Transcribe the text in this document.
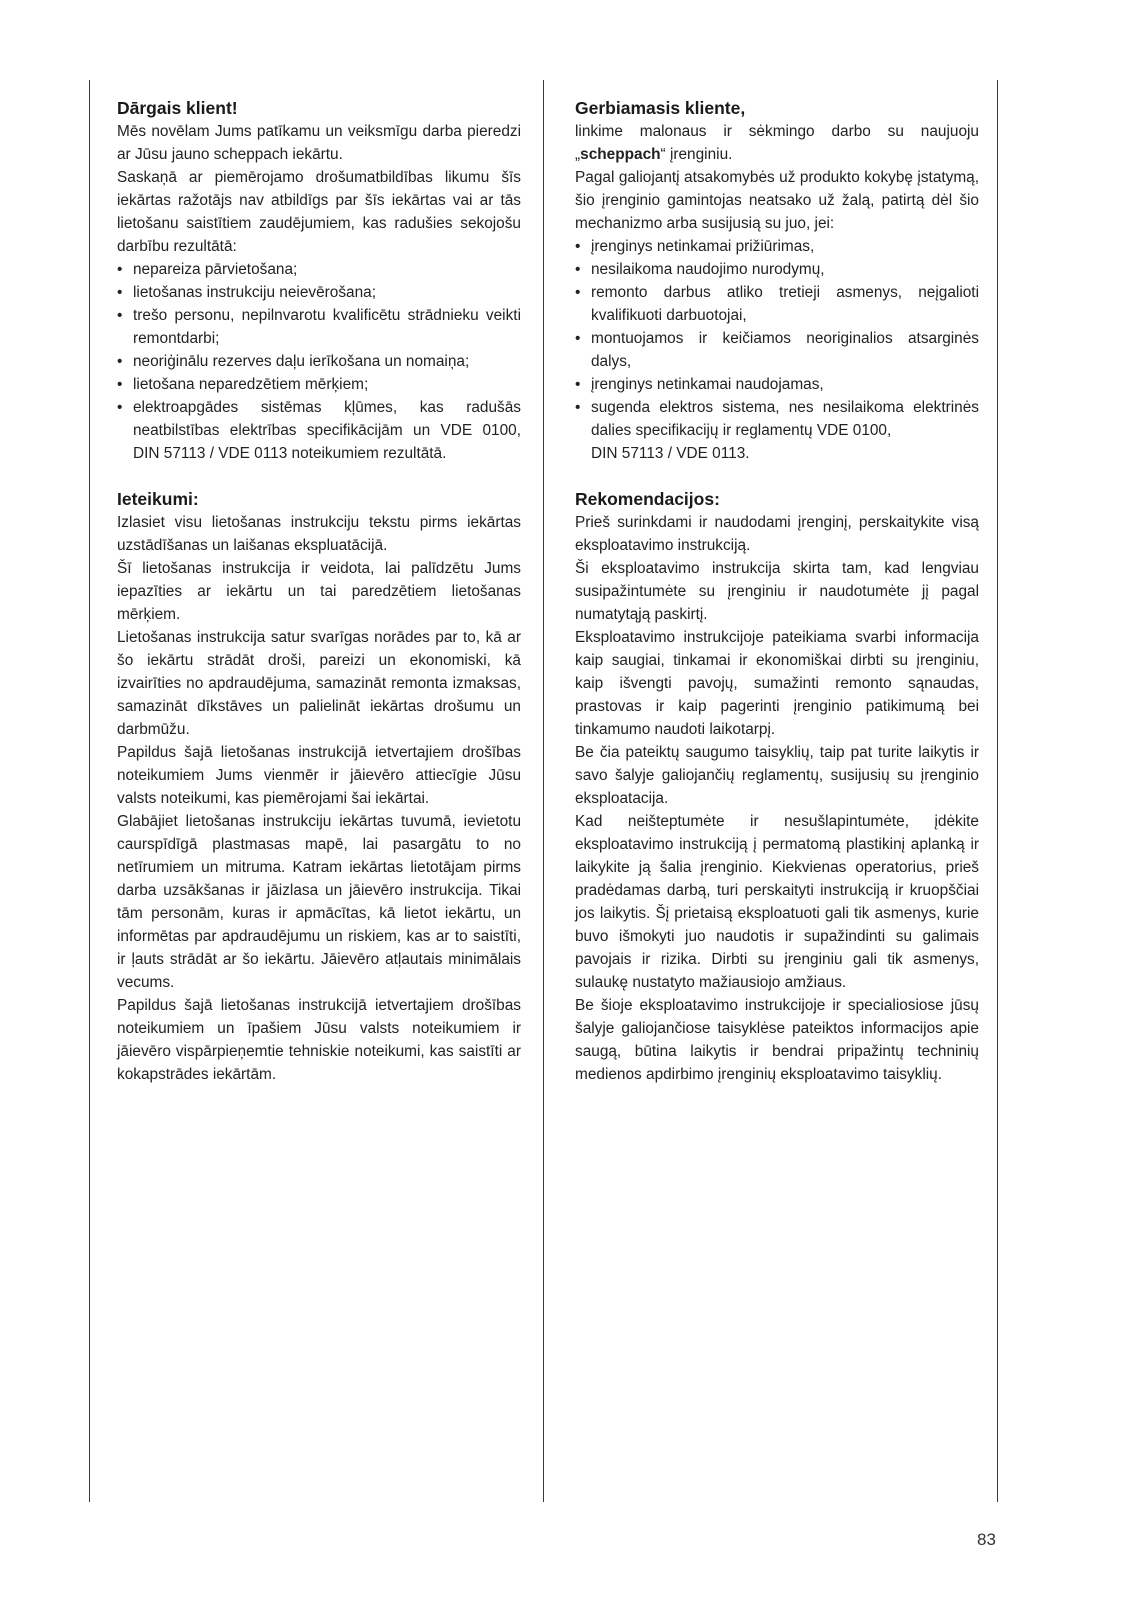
Dārgais klient!

Mēs novēlam Jums patīkamu un veiksmīgu darba pieredzi ar Jūsu jauno scheppach iekārtu.

Saskaņā ar piemērojamo drošumatbildības likumu šīs iekārtas ražotājs nav atbildīgs par šīs iekārtas vai ar tās lietošanu saistītiem zaudējumiem, kas radušies sekojošu darbību rezultātā:

• nepareiza pārvietošana;
• lietošanas instrukciju neievērošana;
• trešo personu, nepilnvarotu kvalificētu strādnieku veikti remontdarbi;
• neoriģinālu rezerves daļu ierīkošana un nomaiņa;
• lietošana neparedzētiem mērķiem;
• elektroapgādes sistēmas kļūmes, kas radušās neatbilstības elektrības specifikācijām un VDE 0100, DIN 57113 / VDE 0113 noteikumiem rezultātā.
Ieteikumi:

Izlasiet visu lietošanas instrukciju tekstu pirms iekārtas uzstādīšanas un laišanas ekspluatācijā.

Šī lietošanas instrukcija ir veidota, lai palīdzētu Jums iepazīties ar iekārtu un tai paredzētiem lietošanas mērķiem.

Lietošanas instrukcija satur svarīgas norādes par to, kā ar šo iekārtu strādāt droši, pareizi un ekonomiski, kā izvairīties no apdraudējuma, samazināt remonta izmaksas, samazināt dīkstāves un palielināt iekārtas drošumu un darbmūžu.

Papildus šajā lietošanas instrukcijā ietvertajiem drošības noteikumiem Jums vienmēr ir jāievēro attiecīgie Jūsu valsts noteikumi, kas piemērojami šai iekārtai.

Glabājiet lietošanas instrukciju iekārtas tuvumā, ievietotu caurspīdīgā plastmasas mapē, lai pasargātu to no netīrumiem un mitruma. Katram iekārtas lietotājam pirms darba uzsākšanas ir jāizlasa un jāievēro instrukcija. Tikai tām personām, kuras ir apmācītas, kā lietot iekārtu, un informētas par apdraudējumu un riskiem, kas ar to saistīti, ir ļauts strādāt ar šo iekārtu. Jāievēro atļautais minimālais vecums.

Papildus šajā lietošanas instrukcijā ietvertajiem drošības noteikumiem un īpašiem Jūsu valsts noteikumiem ir jāievēro vispārpieņemtie tehniskie noteikumi, kas saistīti ar kokapstrādes iekārtām.

Gerbiamasis kliente,

linkime malonaus ir sėkmingo darbo su naujuoju „scheppach“ įrenginiu.

Pagal galiojantį atsakomybės už produkto kokybę įstatymą, šio įrenginio gamintojas neatsako už žalą, patirtą dėl šio mechanizmo arba susijusią su juo, jei:

• įrenginys netinkamai prižiūrimas,
• nesilaikoma naudojimo nurodymų,
• remonto darbus atliko tretieji asmenys, neįgalioti kvalifikuoti darbuotojai,
• montuojamos ir keičiamos neoriginalios atsarginės dalys,
• įrenginys netinkamai naudojamas,
• sugenda elektros sistema, nes nesilaikoma elektrinės dalies specifikacijų ir reglamentų VDE 0100,

DIN 57113 / VDE 0113.

Rekomendacijos:

Prieš surinkdami ir naudodami įrenginį, perskaitykite visą eksploatavimo instrukciją.

Ši eksploatavimo instrukcija skirta tam, kad lengviau susipažintumėte su įrenginiu ir naudotumėte jį pagal numatytąją paskirtį.

Eksploatavimo instrukcijoje pateikiama svarbi informacija kaip saugiai, tinkamai ir ekonomiškai dirbti su įrenginiu, kaip išvengti pavojų, sumažinti remonto sąnaudas, prastovas ir kaip pagerinti įrenginio patikimumą bei tinkamumo naudoti laikotarpį.

Be čia pateiktų saugumo taisyklių, taip pat turite laikytis ir savo šalyje galiojančių reglamentų, susijusių su įrenginio eksploatacija.

Kad neišteptumėte ir nesušlapintumėte, įdėkite eksploatavimo instrukciją į permatomą plastikinį aplanką ir laikykite ją šalia įrenginio. Kiekvienas operatorius, prieš pradėdamas darbą, turi perskaityti instrukciją ir kruopščiai jos laikytis. Šį prietaisą eksploatuoti gali tik asmenys, kurie buvo išmokyti juo naudotis ir supažindinti su galimais pavojais ir rizika. Dirbti su įrenginiu gali tik asmenys, sulaukę nustatyto mažiausiojo amžiaus.

Be šioje eksploatavimo instrukcijoje ir specialiosiose jūsų šalyje galiojančiose taisyklėse pateiktos informacijos apie saugą, būtina laikytis ir bendrai pripažintų techninių medienos apdirbimo įrenginių eksploatavimo taisyklių.

83
